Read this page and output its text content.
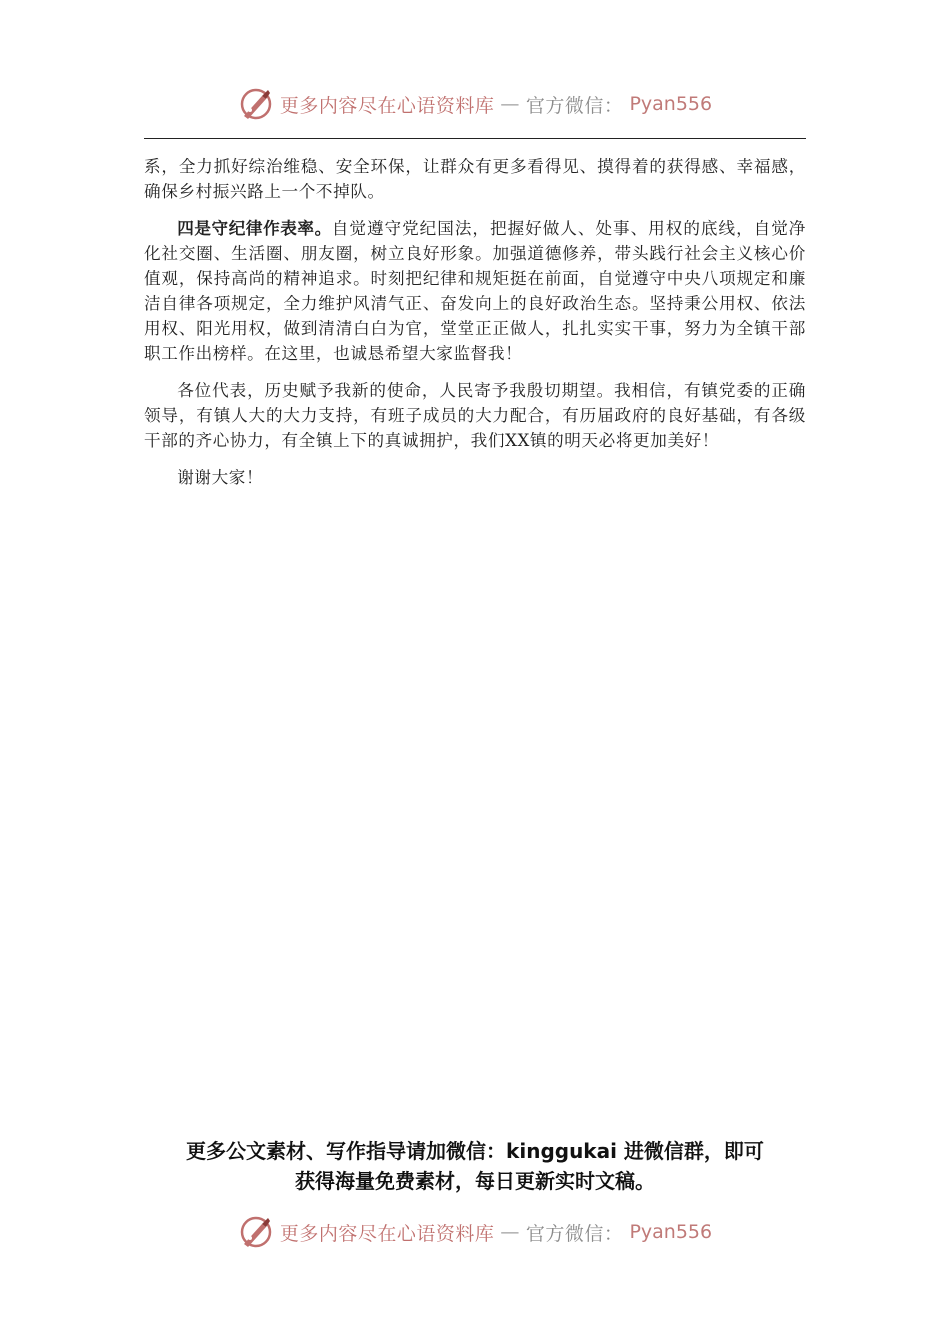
更多内容尽在心语资料库 — 官方微信： Pyan556

系，全力抓好综治维稳、安全环保，让群众有更多看得见、摸得着的获得感、幸福感，确保乡村振兴路上一个不掉队。

四是守纪律作表率。自觉遵守党纪国法，把握好做人、处事、用权的底线，自觉净化社交圈、生活圈、朋友圈，树立良好形象。加强道德修养，带头践行社会主义核心价值观，保持高尚的精神追求。时刻把纪律和规矩挺在前面，自觉遵守中央八项规定和廉洁自律各项规定，全力维护风清气正、奋发向上的良好政治生态。坚持秉公用权、依法用权、阳光用权，做到清清白白为官，堂堂正正做人，扎扎实实干事，努力为全镇干部职工作出榜样。在这里，也诚恳希望大家监督我！

各位代表，历史赋予我新的使命，人民寄予我殷切期望。我相信，有镇党委的正确领导，有镇人大的大力支持，有班子成员的大力配合，有历届政府的良好基础，有各级干部的齐心协力，有全镇上下的真诚拥护，我们XX镇的明天必将更加美好！

谢谢大家！

更多公文素材、写作指导请加微信：kinggukai 进微信群，即可
获得海量免费素材，每日更新实时文稿。
更多内容尽在心语资料库 — 官方微信： Pyan556
